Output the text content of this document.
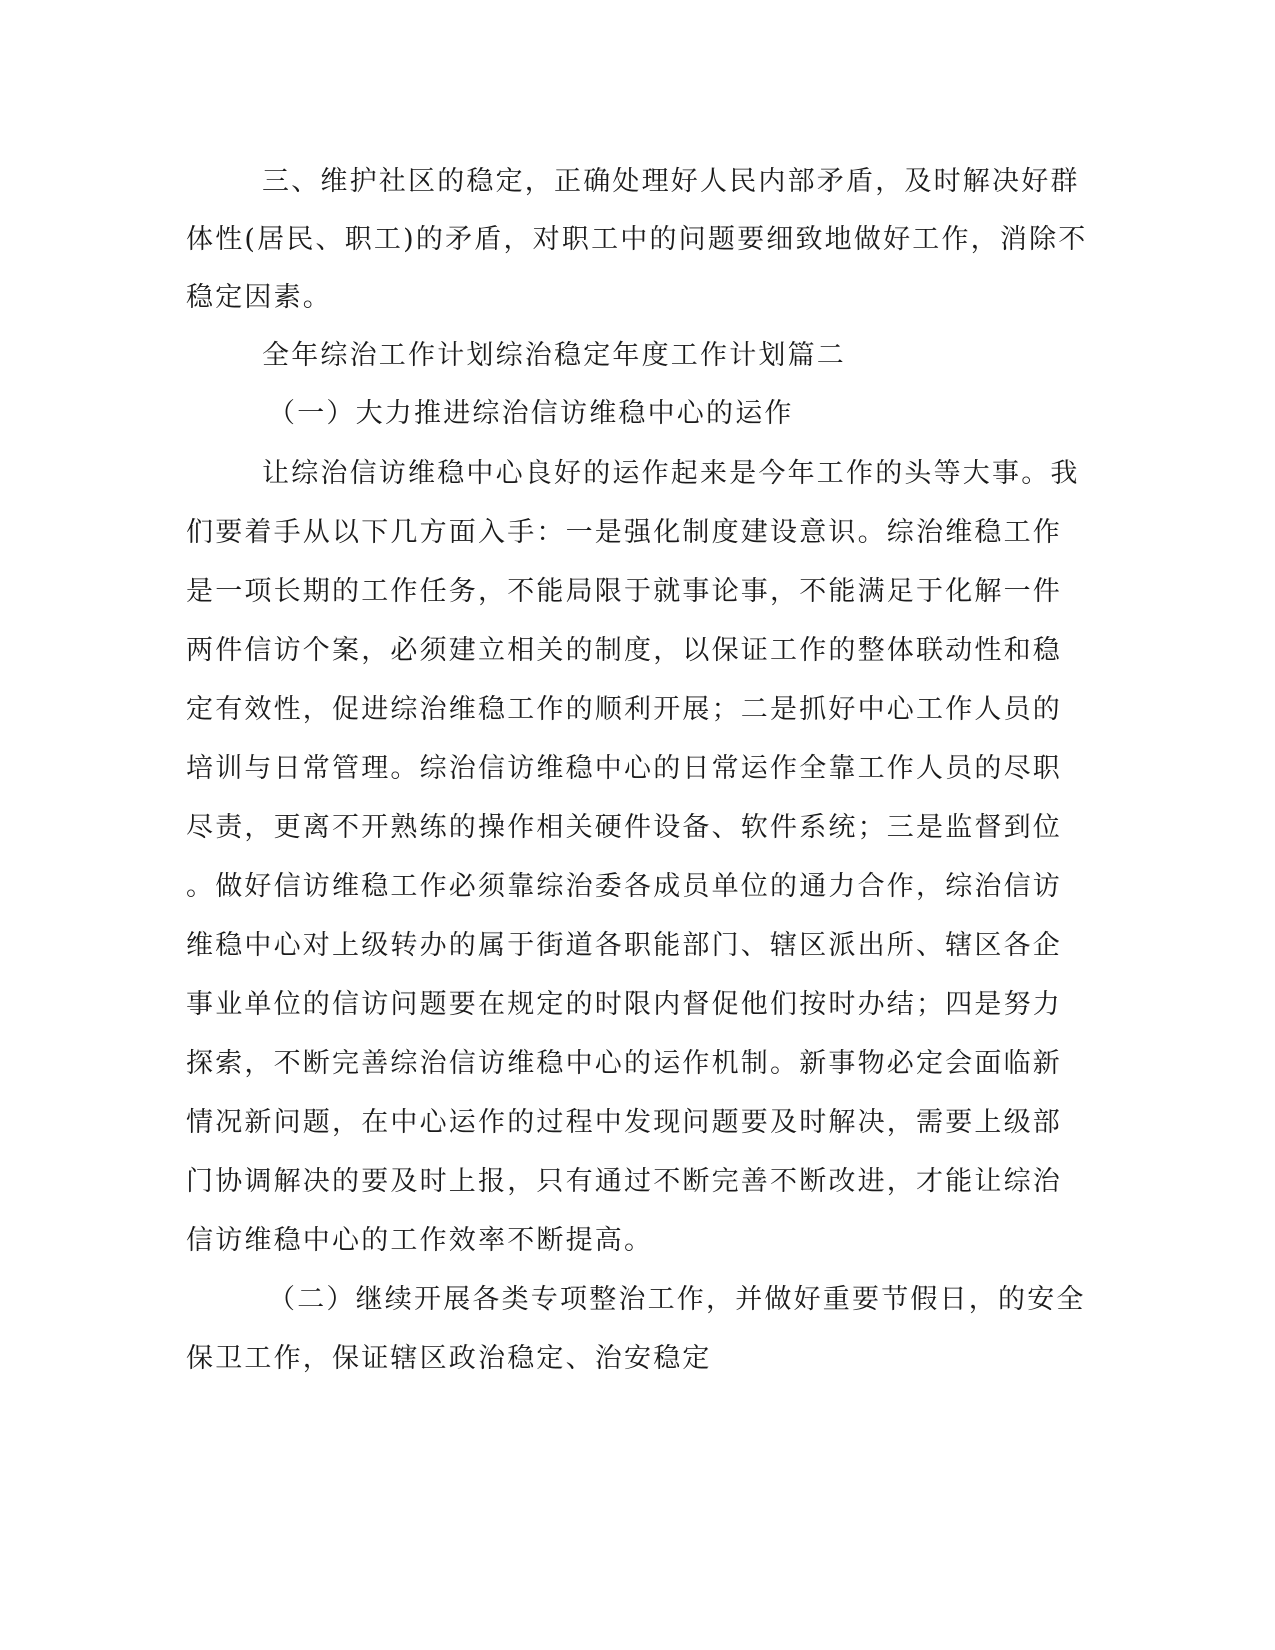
三、维护社区的稳定，正确处理好人民内部矛盾，及时解决好群
体性(居民、职工)的矛盾，对职工中的问题要细致地做好工作，消除不
稳定因素。
全年综治工作计划综治稳定年度工作计划篇二
（一）大力推进综治信访维稳中心的运作
让综治信访维稳中心良好的运作起来是今年工作的头等大事。我
们要着手从以下几方面入手：一是强化制度建设意识。综治维稳工作
是一项长期的工作任务，不能局限于就事论事，不能满足于化解一件
两件信访个案，必须建立相关的制度，以保证工作的整体联动性和稳
定有效性，促进综治维稳工作的顺利开展；二是抓好中心工作人员的
培训与日常管理。综治信访维稳中心的日常运作全靠工作人员的尽职
尽责，更离不开熟练的操作相关硬件设备、软件系统；三是监督到位
。做好信访维稳工作必须靠综治委各成员单位的通力合作，综治信访
维稳中心对上级转办的属于街道各职能部门、辖区派出所、辖区各企
事业单位的信访问题要在规定的时限内督促他们按时办结；四是努力
探索，不断完善综治信访维稳中心的运作机制。新事物必定会面临新
情况新问题，在中心运作的过程中发现问题要及时解决，需要上级部
门协调解决的要及时上报，只有通过不断完善不断改进，才能让综治
信访维稳中心的工作效率不断提高。
（二）继续开展各类专项整治工作，并做好重要节假日，的安全
保卫工作，保证辖区政治稳定、治安稳定
